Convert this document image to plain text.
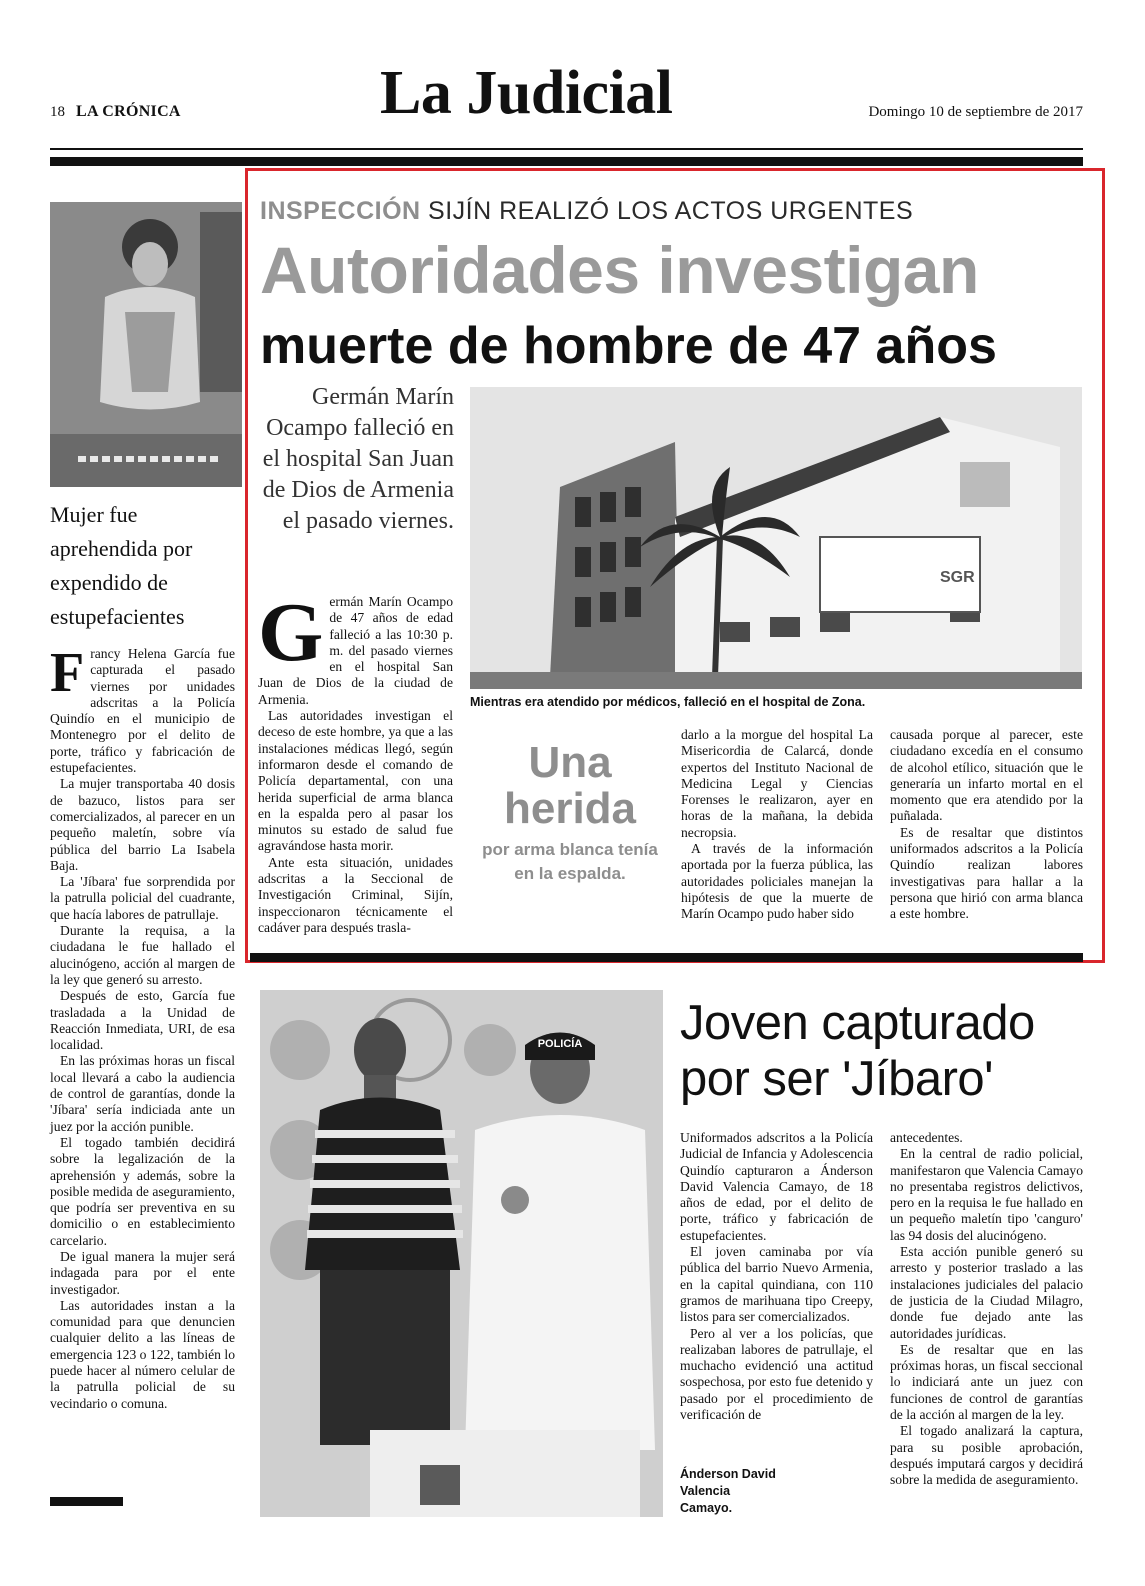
18 LA CRÓNICA	La Judicial	Domingo 10 de septiembre de 2017
Mujer fue aprehendida por expendido de estupefacientes
F rancy Helena García fue capturada el pasado viernes por unidades adscritas a la Policía Quindío en el municipio de Montenegro por el delito de porte, tráfico y fabricación de estupefacientes.

La mujer transportaba 40 dosis de bazuco, listos para ser comercializados, al parecer en un pequeño maletín, sobre vía pública del barrio La Isabela Baja.

La 'Jíbara' fue sorprendida por la patrulla policial del cuadrante, que hacía labores de patrullaje.

Durante la requisa, a la ciudadana le fue hallado el alucinógeno, acción al margen de la ley que generó su arresto.

Después de esto, García fue trasladada a la Unidad de Reacción Inmediata, URI, de esa localidad.

En las próximas horas un fiscal local llevará a cabo la audiencia de control de garantías, donde la 'Jíbara' sería indiciada ante un juez por la acción punible.

El togado también decidirá sobre la legalización de la aprehensión y además, sobre la posible medida de aseguramiento, que podría ser preventiva en su domicilio o en establecimiento carcelario.

De igual manera la mujer será indagada para por el ente investigador.

Las autoridades instan a la comunidad para que denuncien cualquier delito a las líneas de emergencia 123 o 122, también lo puede hacer al número celular de la patrulla policial de su vecindario o comuna.

INSPECCIÓN SIJÍN REALIZÓ LOS ACTOS URGENTES
Autoridades investigan
muerte de hombre de 47 años
Germán Marín Ocampo falleció en el hospital San Juan de Dios de Armenia el pasado viernes.
SGR
Mientras era atendido por médicos, falleció en el hospital de Zona.
G ermán Marín Ocampo de 47 años de edad falleció a las 10:30 p. m. del pasado viernes en el hospital San Juan de Dios de la ciudad de Armenia.

Las autoridades investigan el deceso de este hombre, ya que a las instalaciones médicas llegó, según informaron desde el comando de Policía departamental, con una herida superficial de arma blanca en la espalda pero al pasar los minutos su estado de salud fue agravándose hasta morir.

Ante esta situación, unidades adscritas a la Seccional de Investigación Criminal, Sijín, inspeccionaron técnicamente el cadáver para después trasla-

Una herida
por arma blanca tenía en la espalda.

darlo a la morgue del hospital La Misericordia de Calarcá, donde expertos del Instituto Nacional de Medicina Legal y Ciencias Forenses le realizaron, ayer en horas de la mañana, la debida necropsia.

A través de la información aportada por la fuerza pública, las autoridades policiales manejan la hipótesis de que la muerte de Marín Ocampo pudo haber sido

causada porque al parecer, este ciudadano excedía en el consumo de alcohol etílico, situación que le generaría un infarto mortal en el momento que era atendido por la puñalada.

Es de resaltar que distintos uniformados adscritos a la Policía Quindío realizan labores investigativas para hallar a la persona que hirió con arma blanca a este hombre.

POLICÍA Joven capturado por ser 'Jíbaro'

Uniformados adscritos a la Policía Judicial de Infancia y Adolescencia Quindío capturaron a Ánderson David Valencia Camayo, de 18 años de edad, por el delito de porte, tráfico y fabricación de estupefacientes.

El joven caminaba por vía pública del barrio Nuevo Armenia, en la capital quindiana, con 110 gramos de marihuana tipo Creepy, listos para ser comercializados.

Pero al ver a los policías, que realizaban labores de patrullaje, el muchacho evidenció una actitud sospechosa, por esto fue detenido y pasado por el procedimiento de verificación de

Ánderson David Valencia Camayo.

antecedentes.

En la central de radio policial, manifestaron que Valencia Camayo no presentaba registros delictivos, pero en la requisa le fue hallado en un pequeño maletín tipo 'canguro' las 94 dosis del alucinógeno.

Esta acción punible generó su arresto y posterior traslado a las instalaciones judiciales del palacio de justicia de la Ciudad Milagro, donde fue dejado ante las autoridades jurídicas.

Es de resaltar que en las próximas horas, un fiscal seccional lo indiciará ante un juez con funciones de control de garantías de la acción al margen de la ley.

El togado analizará la captura, para su posible aprobación, después imputará cargos y decidirá sobre la medida de aseguramiento.
